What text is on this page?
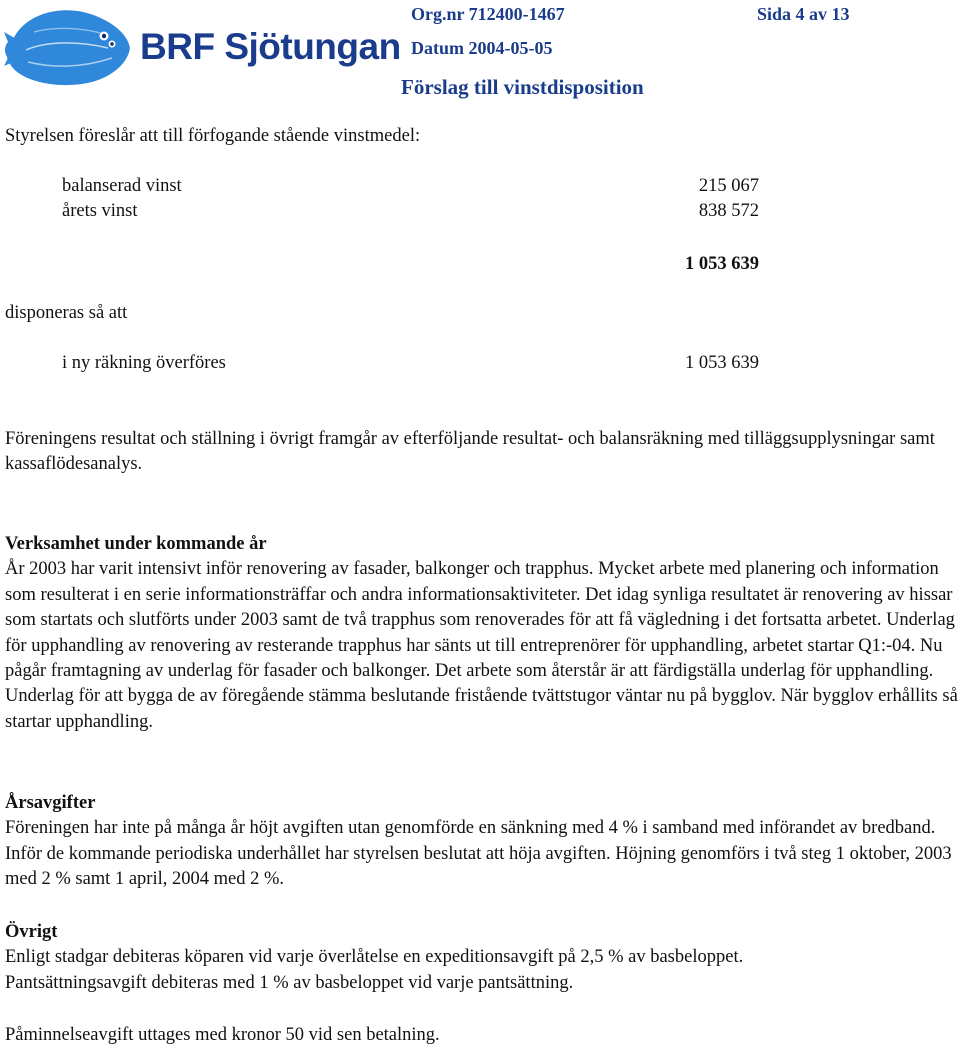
BRF Sjötungan
Org.nr 712400-1467	Sida 4 av 13
Datum 2004-05-05
Förslag till vinstdisposition
Styrelsen föreslår att till förfogande stående vinstmedel:
balanserad vinst	215 067
årets vinst	838 572
1 053 639
disponeras så att
i ny räkning överföres	1 053 639

Föreningens resultat och ställning i övrigt framgår av efterföljande resultat- och balansräkning med tilläggsupplysningar samt kassaflödesanalys.

Verksamhet under kommande år

År 2003 har varit intensivt inför renovering av fasader, balkonger och trapphus. Mycket arbete med planering och information som resulterat i en serie informationsträffar och andra informationsaktiviteter. Det idag synliga resultatet är renovering av hissar som startats och slutförts under 2003 samt de två trapphus som renoverades för att få vägledning i det fortsatta arbetet. Underlag för upphandling av renovering av resterande trapphus har sänts ut till entreprenörer för upphandling, arbetet startar Q1:-04. Nu pågår framtagning av underlag för fasader och balkonger. Det arbete som återstår är att färdigställa underlag för upphandling. Underlag för att bygga de av föregående stämma beslutande fristående tvättstugor väntar nu på bygglov. När bygglov erhållits så startar upphandling.

Årsavgifter

Föreningen har inte på många år höjt avgiften utan genomförde en sänkning med 4 % i samband med införandet av bredband. Inför de kommande periodiska underhållet har styrelsen beslutat att höja avgiften. Höjning genomförs i två steg 1 oktober, 2003 med 2 % samt 1 april, 2004 med 2 %.

Övrigt

Enligt stadgar debiteras köparen vid varje överlåtelse en expeditionsavgift på 2,5 % av basbeloppet.

Pantsättningsavgift debiteras med 1 % av basbeloppet vid varje pantsättning.

Påminnelseavgift uttages med kronor 50 vid sen betalning.
